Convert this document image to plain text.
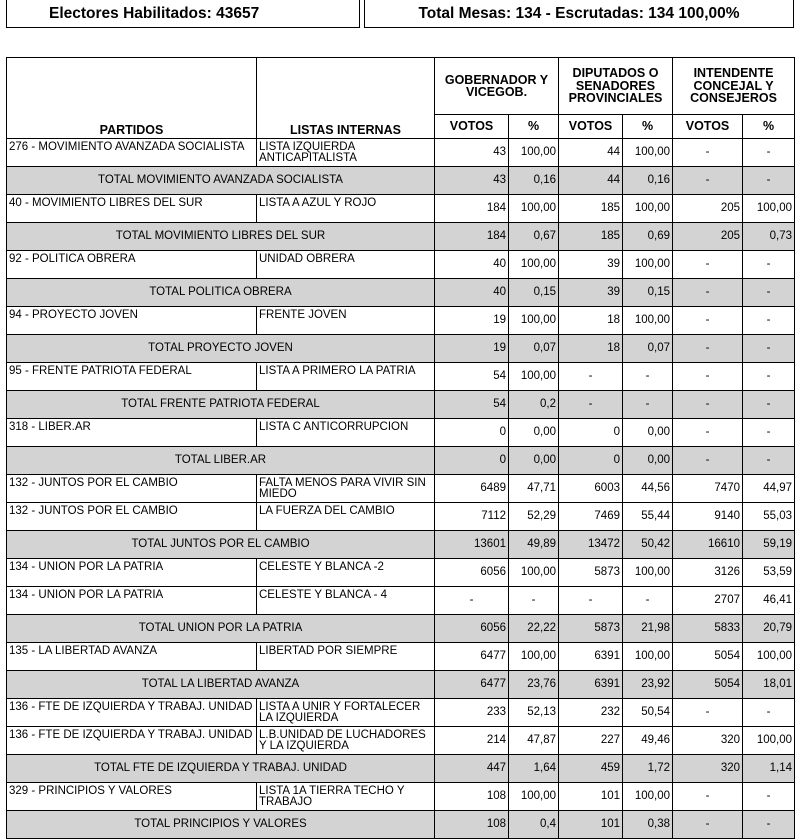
Electores Habilitados: 43657	Total Mesas: 134 - Escrutadas: 134 100,00%
PARTIDOS	LISTAS INTERNAS	GOBERNADOR Y VICEGOB.		DIPUTADOS O SENADORES PROVINCIALES		INTENDENTE CONCEJAL Y CONSEJEROS	
		VOTOS	%	VOTOS	%	VOTOS	%
276 - MOVIMIENTO AVANZADA SOCIALISTA	LISTA IZQUIERDA ANTICAPITALISTA	43	100,00	44	100,00	-	-
TOTAL MOVIMIENTO AVANZADA SOCIALISTA		43	0,16	44	0,16	-	-
40 - MOVIMIENTO LIBRES DEL SUR	LISTA A AZUL Y ROJO	184	100,00	185	100,00	205	100,00
TOTAL MOVIMIENTO LIBRES DEL SUR		184	0,67	185	0,69	205	0,73
92 - POLITICA OBRERA	UNIDAD OBRERA	40	100,00	39	100,00	-	-
TOTAL POLITICA OBRERA		40	0,15	39	0,15	-	-
94 - PROYECTO JOVEN	FRENTE JOVEN	19	100,00	18	100,00	-	-
TOTAL PROYECTO JOVEN		19	0,07	18	0,07	-	-
95 - FRENTE PATRIOTA FEDERAL	LISTA A PRIMERO LA PATRIA	54	100,00	-	-	-	-
TOTAL FRENTE PATRIOTA FEDERAL		54	0,2	-	-	-	-
318 - LIBER.AR	LISTA C ANTICORRUPCION	0	0,00	0	0,00	-	-
TOTAL LIBER.AR		0	0,00	0	0,00	-	-
132 - JUNTOS POR EL CAMBIO	FALTA MENOS PARA VIVIR SIN MIEDO	6489	47,71	6003	44,56	7470	44,97
132 - JUNTOS POR EL CAMBIO	LA FUERZA DEL CAMBIO	7112	52,29	7469	55,44	9140	55,03
TOTAL JUNTOS POR EL CAMBIO		13601	49,89	13472	50,42	16610	59,19
134 - UNION POR LA PATRIA	CELESTE Y BLANCA -2	6056	100,00	5873	100,00	3126	53,59
134 - UNION POR LA PATRIA	CELESTE Y BLANCA - 4	-	-	-	-	2707	46,41
TOTAL UNION POR LA PATRIA		6056	22,22	5873	21,98	5833	20,79
135 - LA LIBERTAD AVANZA	LIBERTAD POR SIEMPRE	6477	100,00	6391	100,00	5054	100,00
TOTAL LA LIBERTAD AVANZA		6477	23,76	6391	23,92	5054	18,01
136 - FTE DE IZQUIERDA Y TRABAJ. UNIDAD	LISTA A UNIR Y FORTALECER LA IZQUIERDA	233	52,13	232	50,54	-	-
136 - FTE DE IZQUIERDA Y TRABAJ. UNIDAD	L.B.UNIDAD DE LUCHADORES Y LA IZQUIERDA	214	47,87	227	49,46	320	100,00
TOTAL FTE DE IZQUIERDA Y TRABAJ. UNIDAD		447	1,64	459	1,72	320	1,14
329 - PRINCIPIOS Y VALORES	LISTA 1A TIERRA TECHO Y TRABAJO	108	100,00	101	100,00	-	-
TOTAL PRINCIPIOS Y VALORES		108	0,4	101	0,38	-	-
